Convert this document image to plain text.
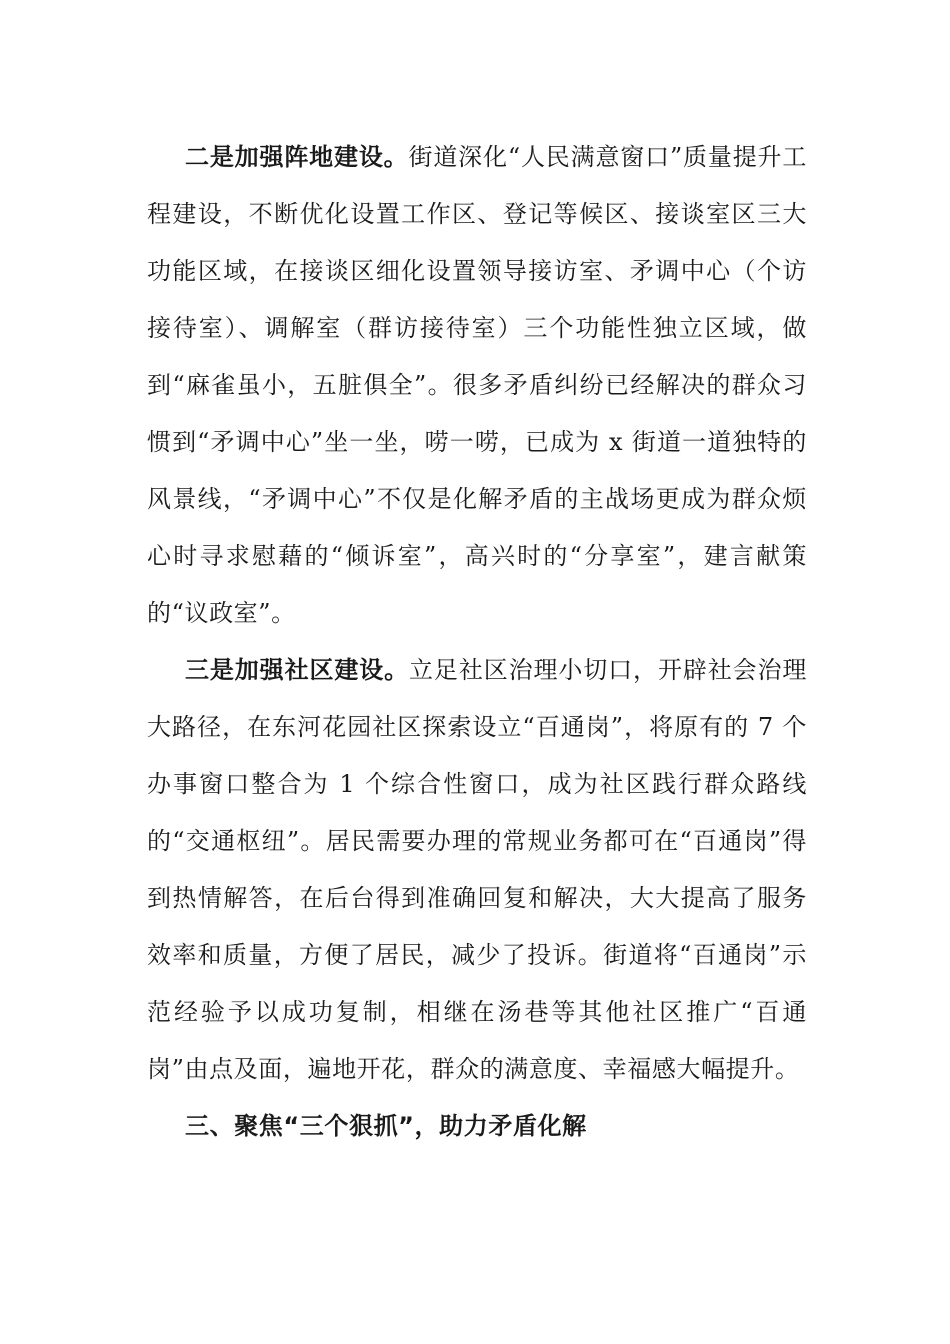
二是加强阵地建设。街道深化“人民满意窗口”质量提升工程建设，不断优化设置工作区、登记等候区、接谈室区三大功能区域，在接谈区细化设置领导接访室、矛调中心（个访接待室）、调解室（群访接待室）三个功能性独立区域，做到“麻雀虽小，五脏俱全”。很多矛盾纠纷已经解决的群众习惯到“矛调中心”坐一坐，唠一唠，已成为 x 街道一道独特的风景线，“矛调中心”不仅是化解矛盾的主战场更成为群众烦心时寻求慰藉的“倾诉室”，高兴时的“分享室”，建言献策的“议政室”。

三是加强社区建设。立足社区治理小切口，开辟社会治理大路径，在东河花园社区探索设立“百通岗”，将原有的 7 个办事窗口整合为 1 个综合性窗口，成为社区践行群众路线的“交通枢纽”。居民需要办理的常规业务都可在“百通岗”得到热情解答，在后台得到准确回复和解决，大大提高了服务效率和质量，方便了居民，减少了投诉。街道将“百通岗”示范经验予以成功复制，相继在汤巷等其他社区推广“百通岗”由点及面，遍地开花，群众的满意度、幸福感大幅提升。

三、聚焦“三个狠抓”，助力矛盾化解
